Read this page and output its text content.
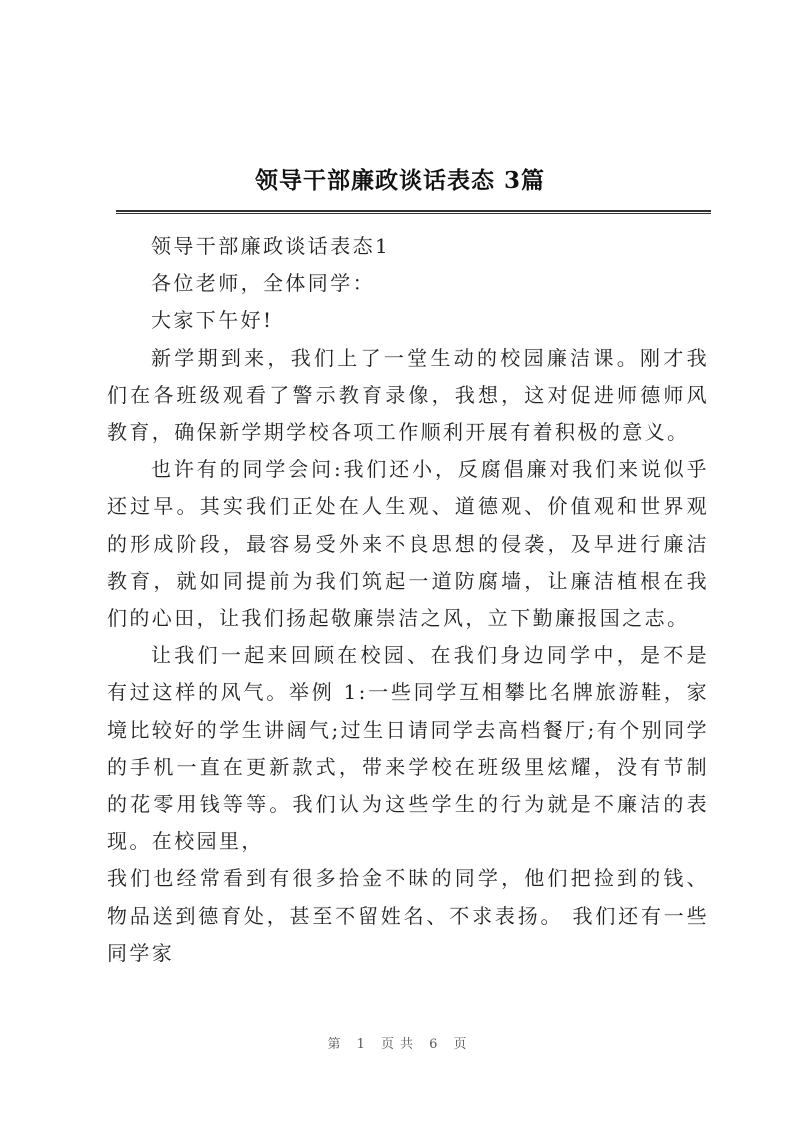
领导干部廉政谈话表态 3篇

领导干部廉政谈话表态1

各位老师，全体同学：

大家下午好!

新学期到来，我们上了一堂生动的校园廉洁课。刚才我们在各班级观看了警示教育录像，我想，这对促进师德师风教育，确保新学期学校各项工作顺利开展有着积极的意义。

也许有的同学会问:我们还小，反腐倡廉对我们来说似乎还过早。其实我们正处在人生观、道德观、价值观和世界观的形成阶段，最容易受外来不良思想的侵袭，及早进行廉洁教育，就如同提前为我们筑起一道防腐墙，让廉洁植根在我们的心田，让我们扬起敬廉崇洁之风，立下勤廉报国之志。

让我们一起来回顾在校园、在我们身边同学中，是不是有过这样的风气。举例 1:一些同学互相攀比名牌旅游鞋，家境比较好的学生讲阔气;过生日请同学去高档餐厅;有个别同学的手机一直在更新款式，带来学校在班级里炫耀，没有节制的花零用钱等等。我们认为这些学生的行为就是不廉洁的表现。在校园里，

我们也经常看到有很多拾金不昧的同学，他们把捡到的钱、物品送到德育处，甚至不留姓名、不求表扬。 我们还有一些同学家

第 1 页共 6 页
